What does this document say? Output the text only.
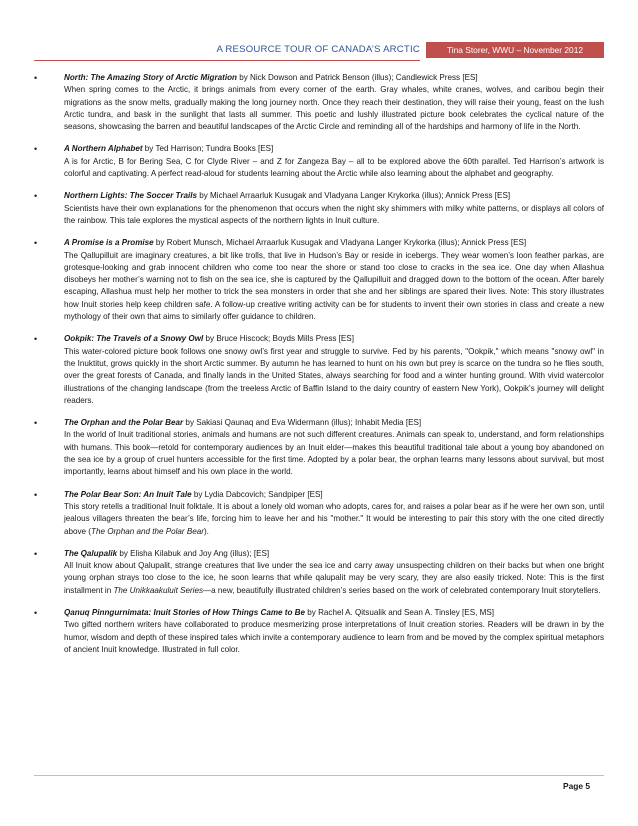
A RESOURCE TOUR OF CANADA’S ARCTIC	Tina Storer, WWU – November 2012
•	North: The Amazing Story of Arctic Migration by Nick Dowson and Patrick Benson (illus); Candlewick Press [ES]
When spring comes to the Arctic, it brings animals from every corner of the earth. Gray whales, white cranes, wolves, and caribou begin their migrations as the snow melts, gradually making the long journey north. Once they reach their destination, they will raise their young, feast on the lush Arctic tundra, and bask in the sunlight that lasts all summer. This poetic and lushly illustrated picture book celebrates the cyclical nature of the seasons, showcasing the barren and beautiful landscapes of the Arctic Circle and reminding all of the hardships and harmony of life in the North.
•	A Northern Alphabet by Ted Harrison; Tundra Books [ES]
A is for Arctic, B for Bering Sea, C for Clyde River – and Z for Zangeza Bay – all to be explored above the 60th parallel. Ted Harrison’s artwork is colorful and captivating. A perfect read-aloud for students learning about the Arctic while also learning about the alphabet and geography.
•	Northern Lights: The Soccer Trails by Michael Arraarluk Kusugak and Vladyana Langer Krykorka (illus); Annick Press [ES]
Scientists have their own explanations for the phenomenon that occurs when the night sky shimmers with milky white patterns, or displays all colors of the rainbow. This tale explores the mystical aspects of the northern lights in Inuit culture.
•	A Promise is a Promise by Robert Munsch, Michael Arraarluk Kusugak and Vladyana Langer Krykorka (illus); Annick Press [ES]
The Qallupilluit are imaginary creatures, a bit like trolls, that live in Hudson’s Bay or reside in icebergs. They wear women’s loon feather parkas, are grotesque-looking and grab innocent children who come too near the shore or stand too close to cracks in the sea ice. One day when Allashua disobeys her mother’s warning not to fish on the sea ice, she is captured by the Qallupilluit and dragged down to the bottom of the ocean. After barely escaping, Allashua must help her mother to trick the sea monsters in order that she and her siblings are spared their lives. Note: This story illustrates how Inuit stories help keep children safe. A follow-up creative writing activity can be for students to invent their own stories in class and create a new mythology of their own that aims to similarly offer guidance to children.
•	Ookpik: The Travels of a Snowy Owl by Bruce Hiscock; Boyds Mills Press [ES]
This water-colored picture book follows one snowy owl’s first year and struggle to survive. Fed by his parents, "Ookpik," which means "snowy owl" in the Inuktitut, grows quickly in the short Arctic summer. By autumn he has learned to hunt on his own but prey is scarce on the tundra so he flies south, over the great forests of Canada, and finally lands in the United States, always searching for food and a winter hunting ground. With vivid watercolor illustrations of the changing landscape (from the treeless Arctic of Baffin Island to the dairy country of eastern New York), Ookpik’s journey will delight readers.
•	The Orphan and the Polar Bear by Sakiasi Qaunaq and Eva Widermann (illus); Inhabit Media [ES]
In the world of Inuit traditional stories, animals and humans are not such different creatures. Animals can speak to, understand, and form relationships with humans. This book—retold for contemporary audiences by an Inuit elder—makes this beautiful traditional tale about a young boy abandoned on the sea ice by a group of cruel hunters accessible for the first time. Adopted by a polar bear, the orphan learns many lessons about survival, but most importantly, learns about himself and his own place in the world.
•	The Polar Bear Son: An Inuit Tale by Lydia Dabcovich; Sandpiper [ES]
This story retells a traditional Inuit folktale. It is about a lonely old woman who adopts, cares for, and raises a polar bear as if he were her own son, until jealous villagers threaten the bear’s life, forcing him to leave her and his "mother." It would be interesting to pair this story with the one cited directly above (The Orphan and the Polar Bear).
•	The Qalupalik by Elisha Kilabuk and Joy Ang (illus); [ES]
All Inuit know about Qalupalit, strange creatures that live under the sea ice and carry away unsuspecting children on their backs but when one bright young orphan strays too close to the ice, he soon learns that while qalupalit may be very scary, they are also easily tricked. Note: This is the first installment in The Unikkaakuluit Series—a new, beautifully illustrated children’s series based on the work of celebrated contemporary Inuit storytellers.
•	Qanuq Pinngurnimata: Inuit Stories of How Things Came to Be by Rachel A. Qitsualik and Sean A. Tinsley [ES, MS]
Two gifted northern writers have collaborated to produce mesmerizing prose interpretations of Inuit creation stories. Readers will be drawn in by the humor, wisdom and depth of these inspired tales which invite a contemporary audience to learn from and be moved by the complex spiritual metaphors of ancient Inuit knowledge. Illustrated in full color.
Page 5
